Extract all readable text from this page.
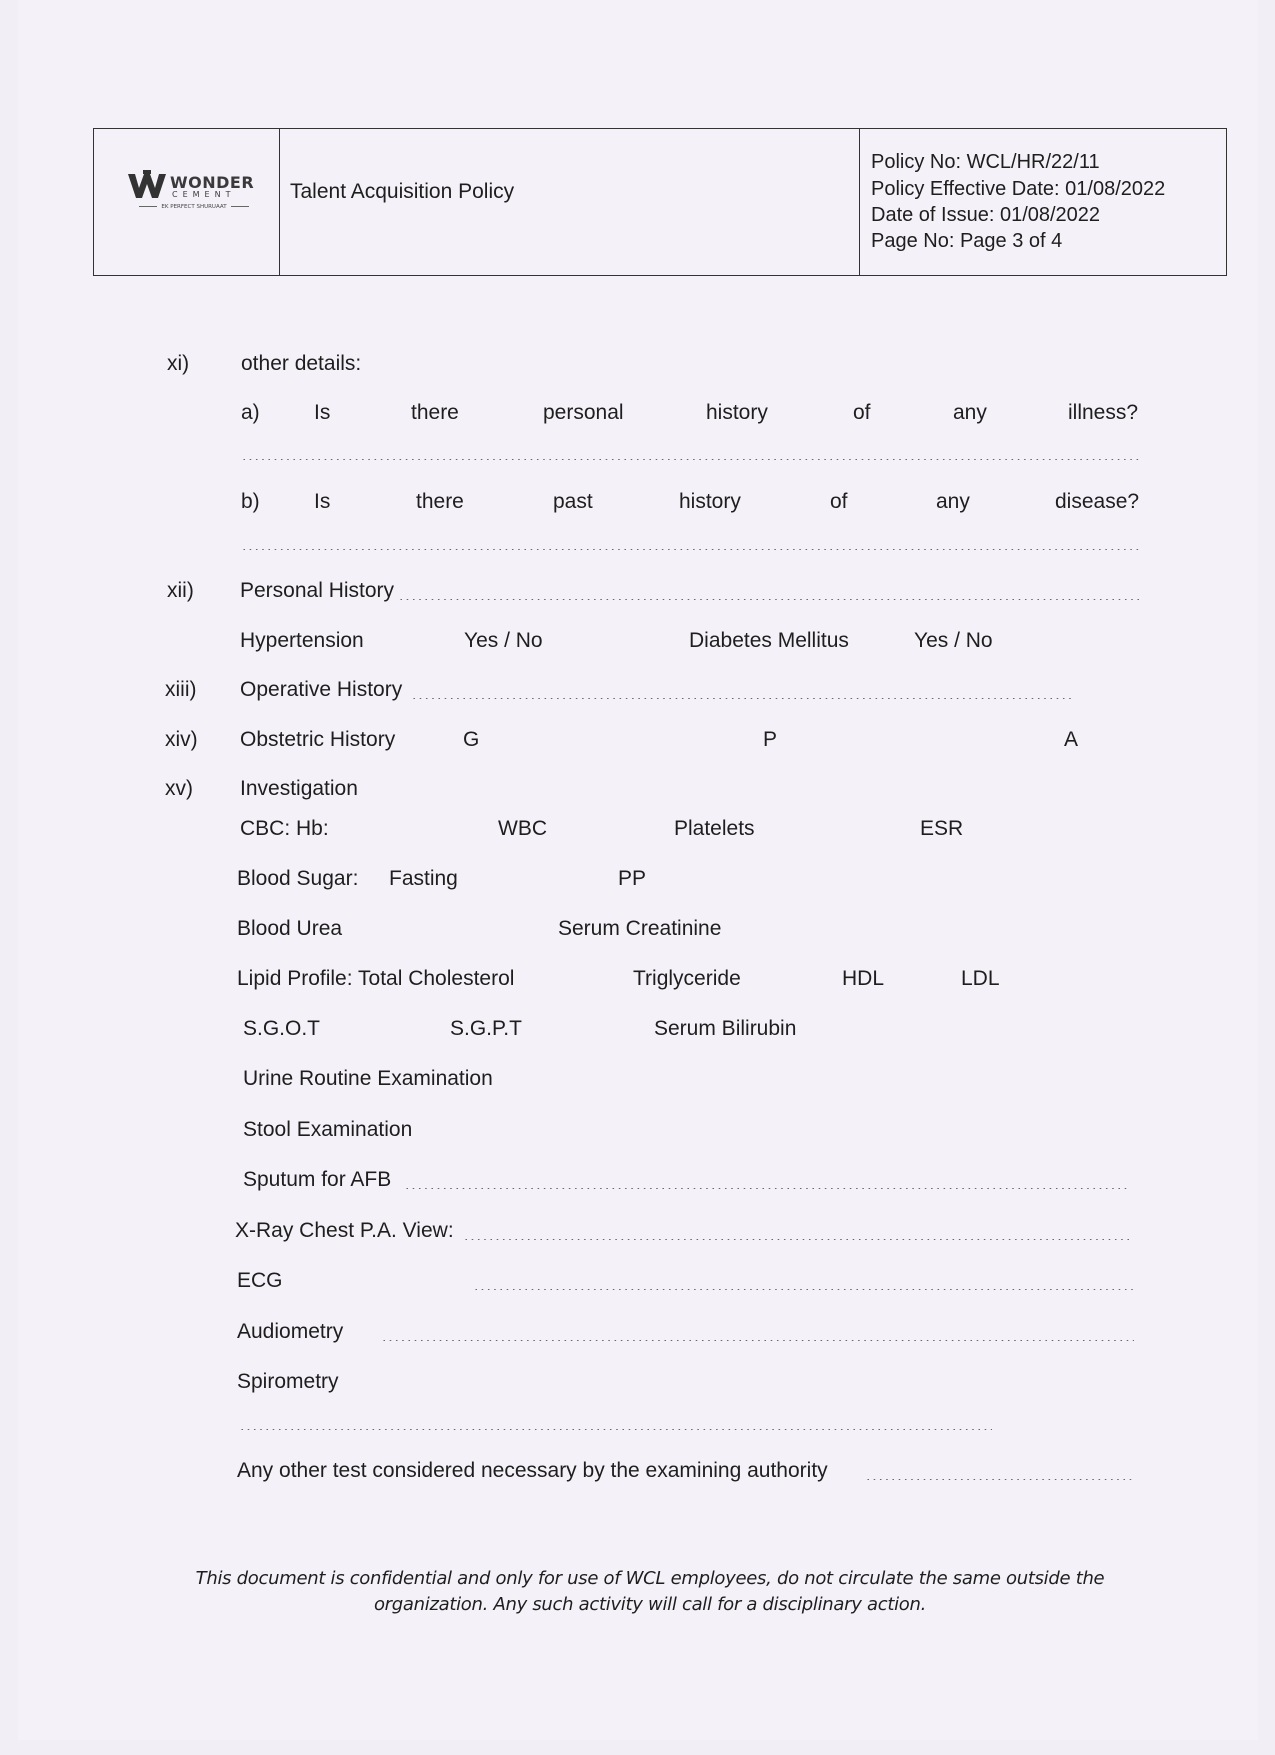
WONDER
CEMENT
EK PERFECT SHURUAAT
Talent Acquisition Policy
Policy No: WCL/HR/22/11
Policy Effective Date: 01/08/2022
Date of Issue: 01/08/2022
Page No: Page 3 of 4
xi) other details:
a)	Is	there	personal	history	of	any	illness?
.....
b)	Is	there	past	history	of	any	disease?
.....
xii) Personal History
.....
Hypertension	Yes / No	Diabetes Mellitus	Yes / No
xiii) Operative History
.....
xiv) Obstetric History	G	P	A
xv) Investigation
CBC: Hb:	WBC	Platelets	ESR
Blood Sugar: Fasting	PP
Blood Urea	Serum Creatinine
Lipid Profile: Total Cholesterol	Triglyceride	HDL	LDL
S.G.O.T	S.G.P.T	Serum Bilirubin
Urine Routine Examination
Stool Examination
Sputum for AFB
.....
X-Ray Chest P.A. View:
.....
ECG
.....
Audiometry
.....
Spirometry
.....
Any other test considered necessary by the examining authority
.....
This document is confidential and only for use of WCL employees, do not circulate the same outside the
organization. Any such activity will call for a disciplinary action.
